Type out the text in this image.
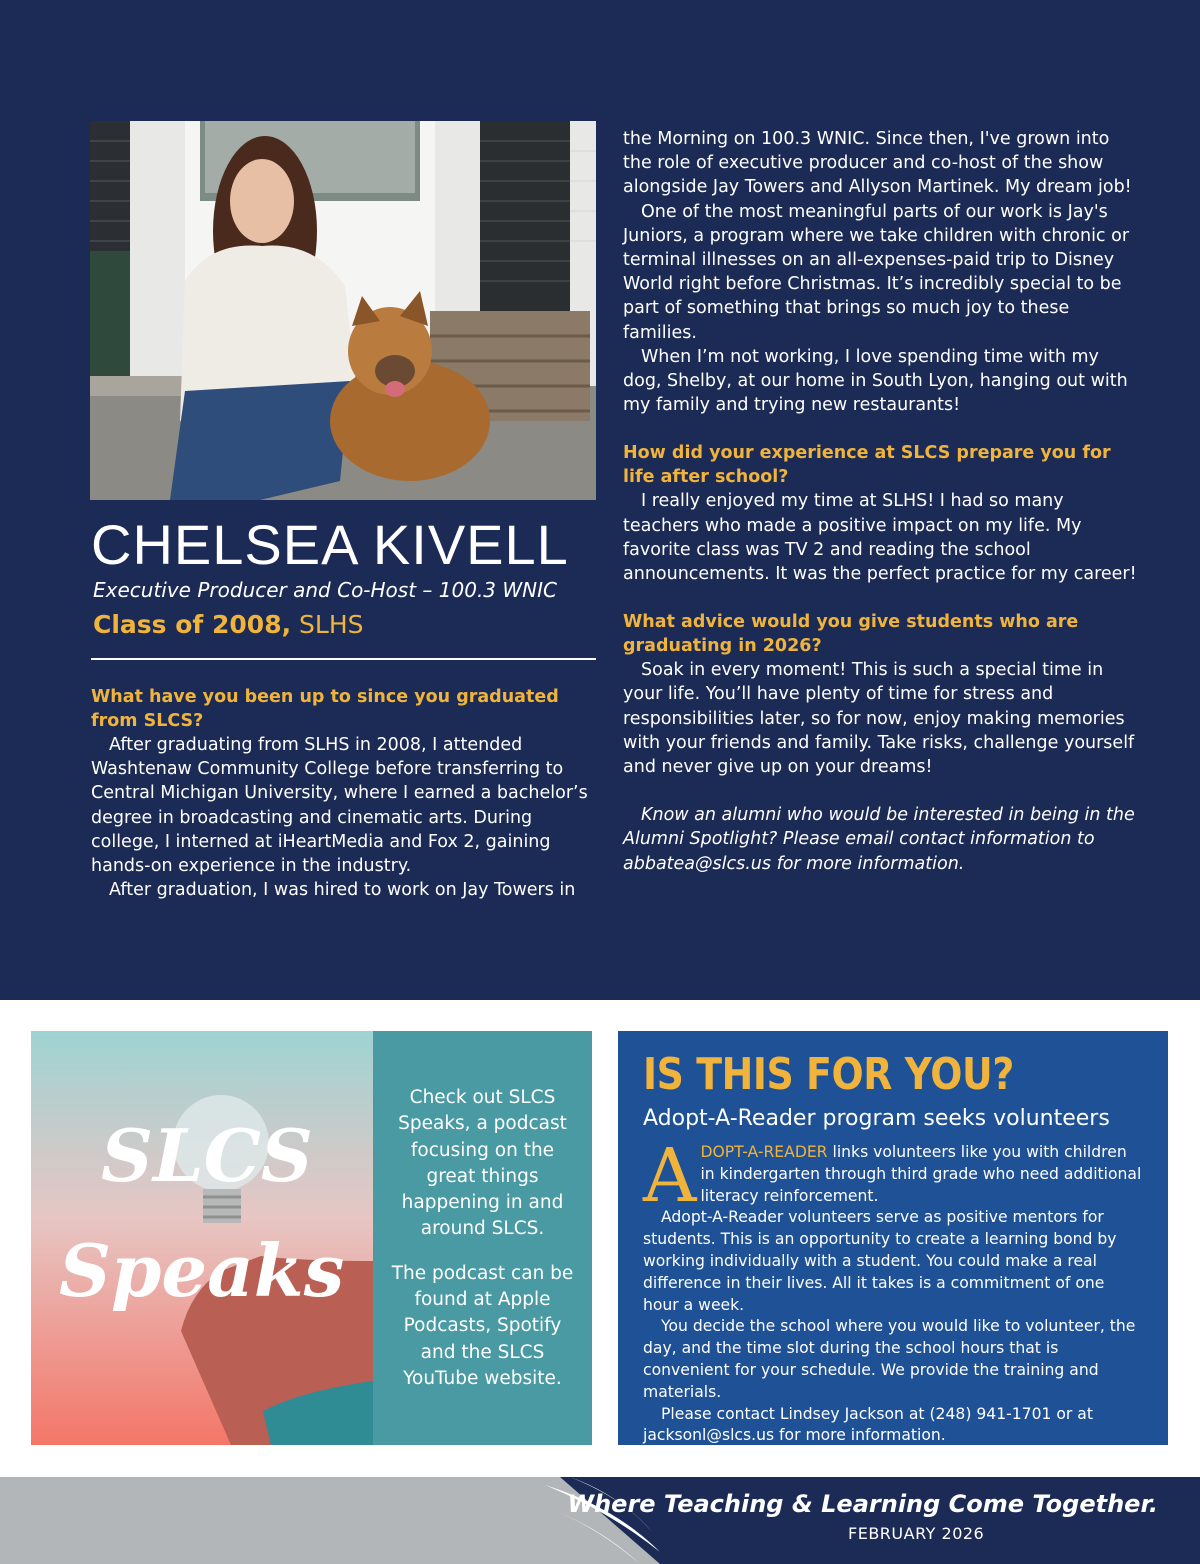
CHELSEA KIVELL
Executive Producer and Co-Host – 100.3 WNIC
Class of 2008, SLHS

What have you been up to since you graduated from SLCS?

After graduating from SLHS in 2008, I attended Washtenaw Community College before transferring to Central Michigan University, where I earned a bachelor’s degree in broadcasting and cinematic arts. During college, I interned at iHeartMedia and Fox 2, gaining hands-on experience in the industry.

After graduation, I was hired to work on Jay Towers in

the Morning on 100.3 WNIC. Since then, I've grown into the role of executive producer and co-host of the show alongside Jay Towers and Allyson Martinek. My dream job!

One of the most meaningful parts of our work is Jay's Juniors, a program where we take children with chronic or terminal illnesses on an all-expenses-paid trip to Disney World right before Christmas. It’s incredibly special to be part of something that brings so much joy to these families.

When I’m not working, I love spending time with my dog, Shelby, at our home in South Lyon, hanging out with my family and trying new restaurants!

How did your experience at SLCS prepare you for life after school?

I really enjoyed my time at SLHS! I had so many teachers who made a positive impact on my life. My favorite class was TV 2 and reading the school announcements. It was the perfect practice for my career!

What advice would you give students who are graduating in 2026?

Soak in every moment! This is such a special time in your life. You’ll have plenty of time for stress and responsibilities later, so for now, enjoy making memories with your friends and family. Take risks, challenge yourself and never give up on your dreams!

Know an alumni who would be interested in being in the Alumni Spotlight? Please email contact information to abbatea@slcs.us for more information.

SLCS
Speaks

Check out SLCS Speaks, a podcast focusing on the great things happening in and around SLCS.

The podcast can be found at Apple Podcasts, Spotify and the SLCS YouTube website.

IS THIS FOR YOU?
Adopt-A-Reader program seeks volunteers

ADOPT-A-READER links volunteers like you with children in kindergarten through third grade who need additional literacy reinforcement.

Adopt-A-Reader volunteers serve as positive mentors for students. This is an opportunity to create a learning bond by working individually with a student. You could make a real difference in their lives. All it takes is a commitment of one hour a week.

You decide the school where you would like to volunteer, the day, and the time slot during the school hours that is convenient for your schedule. We provide the training and materials.

Please contact Lindsey Jackson at (248) 941-1701 or at jacksonl@slcs.us for more information.

Where Teaching & Learning Come Together.
FEBRUARY 2026
